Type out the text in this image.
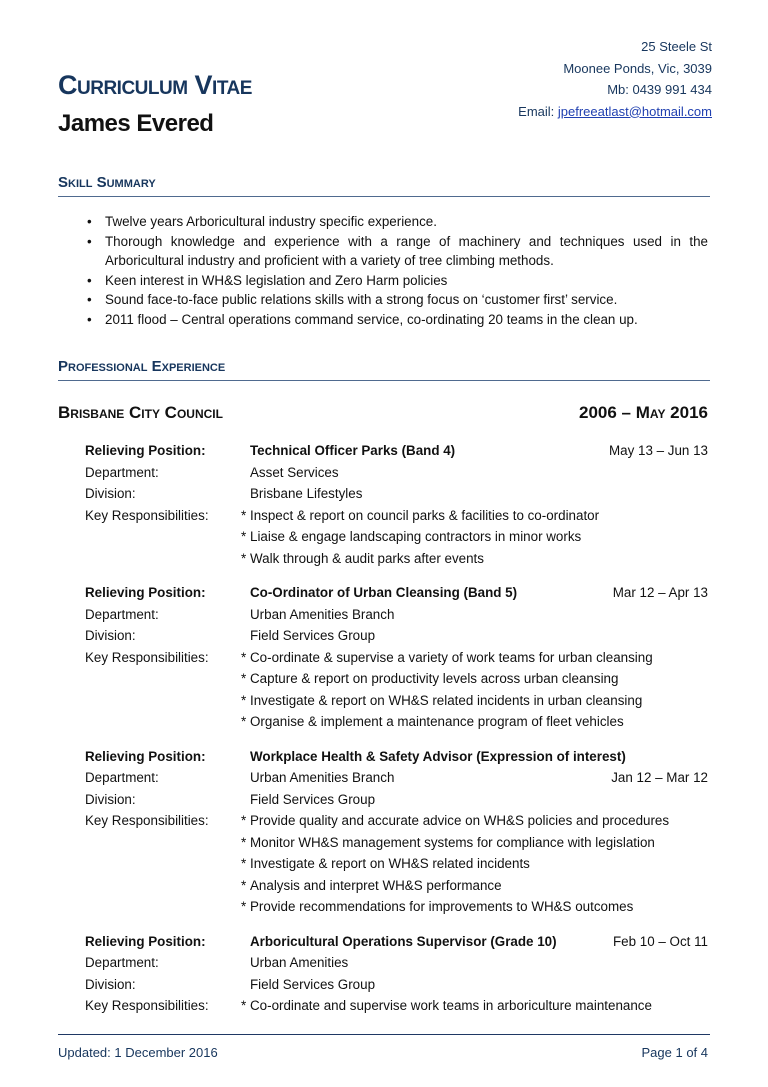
Curriculum Vitae
James Evered
25 Steele St
Moonee Ponds, Vic, 3039
Mb: 0439 991 434
Email: jpefreeatlast@hotmail.com
Skill Summary
• Twelve years Arboricultural industry specific experience.
• Thorough knowledge and experience with a range of machinery and techniques used in the Arboricultural industry and proficient with a variety of tree climbing methods.
• Keen interest in WH&S legislation and Zero Harm policies
• Sound face-to-face public relations skills with a strong focus on ‘customer first’ service.
• 2011 flood – Central operations command service, co-ordinating 20 teams in the clean up.
Professional Experience
Brisbane City Council	2006 – May 2016
Relieving Position:	Technical Officer Parks (Band 4)	May 13 – Jun 13
Department:	Asset Services
Division:	Brisbane Lifestyles
Key Responsibilities: * Inspect & report on council parks & facilities to co-ordinator
* Liaise & engage landscaping contractors in minor works
* Walk through & audit parks after events
Relieving Position:	Co-Ordinator of Urban Cleansing (Band 5)	Mar 12 – Apr 13
Department:	Urban Amenities Branch
Division:	Field Services Group
Key Responsibilities: * Co-ordinate & supervise a variety of work teams for urban cleansing
* Capture & report on productivity levels across urban cleansing
* Investigate & report on WH&S related incidents in urban cleansing
* Organise & implement a maintenance program of fleet vehicles
Relieving Position:	Workplace Health & Safety Advisor (Expression of interest)
Department:	Urban Amenities Branch	Jan 12 – Mar 12
Division:	Field Services Group
Key Responsibilities: * Provide quality and accurate advice on WH&S policies and procedures
* Monitor WH&S management systems for compliance with legislation
* Investigate & report on WH&S related incidents
* Analysis and interpret WH&S performance
* Provide recommendations for improvements to WH&S outcomes
Relieving Position:	Arboricultural Operations Supervisor (Grade 10)	Feb 10 – Oct 11
Department:	Urban Amenities
Division:	Field Services Group
Key Responsibilities: * Co-ordinate and supervise work teams in arboriculture maintenance
Updated: 1 December 2016	Page 1 of 4
